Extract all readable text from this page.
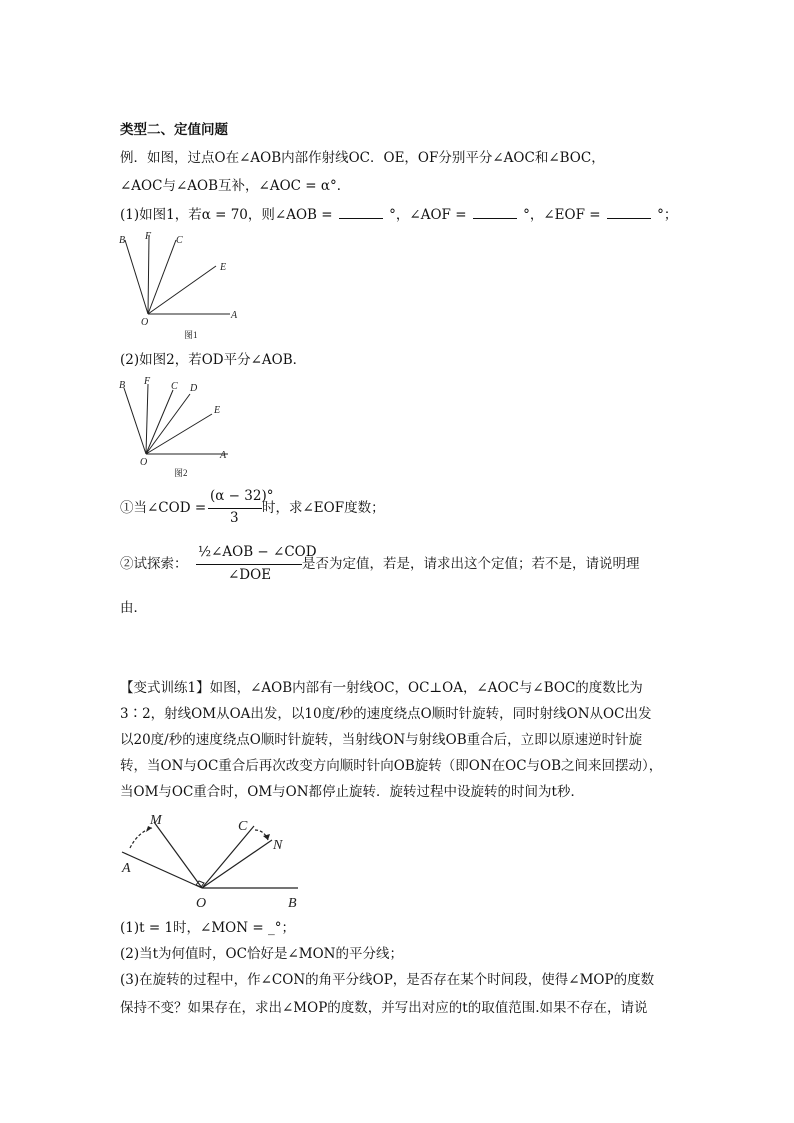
类型二、定值问题
例．如图，过点O在∠AOB内部作射线OC．OE，OF分别平分∠AOC和∠BOC，
∠AOC与∠AOB互补，∠AOC = α°．
(1)如图1，若α = 70，则∠AOB =	°，∠AOF =	°，∠EOF =	°；
B F C
E
O
A
图1
(2)如图2，若OD平分∠AOB．
B F C D
E
O
A
图2
①当∠COD =
(α − 32)°
3
时，求∠EOF度数；
②试探索：
½∠AOB − ∠COD
∠DOE
是否为定值，若是，请求出这个定值；若不是，请说明理
由．
【变式训练1】如图，∠AOB内部有一射线OC，OC⊥OA，∠AOC与∠BOC的度数比为
3∶2，射线OM从OA出发，以10度/秒的速度绕点O顺时针旋转，同时射线ON从OC出发
以20度/秒的速度绕点O顺时针旋转，当射线ON与射线OB重合后，立即以原速逆时针旋
转，当ON与OC重合后再次改变方向顺时针向OB旋转（即ON在OC与OB之间来回摆动），
当OM与OC重合时，OM与ON都停止旋转．旋转过程中设旋转的时间为t秒．
M	C
N
A
O	B
(1)t = 1时，∠MON = _°；
(2)当t为何值时，OC恰好是∠MON的平分线；
(3)在旋转的过程中，作∠CON的角平分线OP，是否存在某个时间段，使得∠MOP的度数
保持不变？如果存在，求出∠MOP的度数，并写出对应的t的取值范围.如果不存在，请说
